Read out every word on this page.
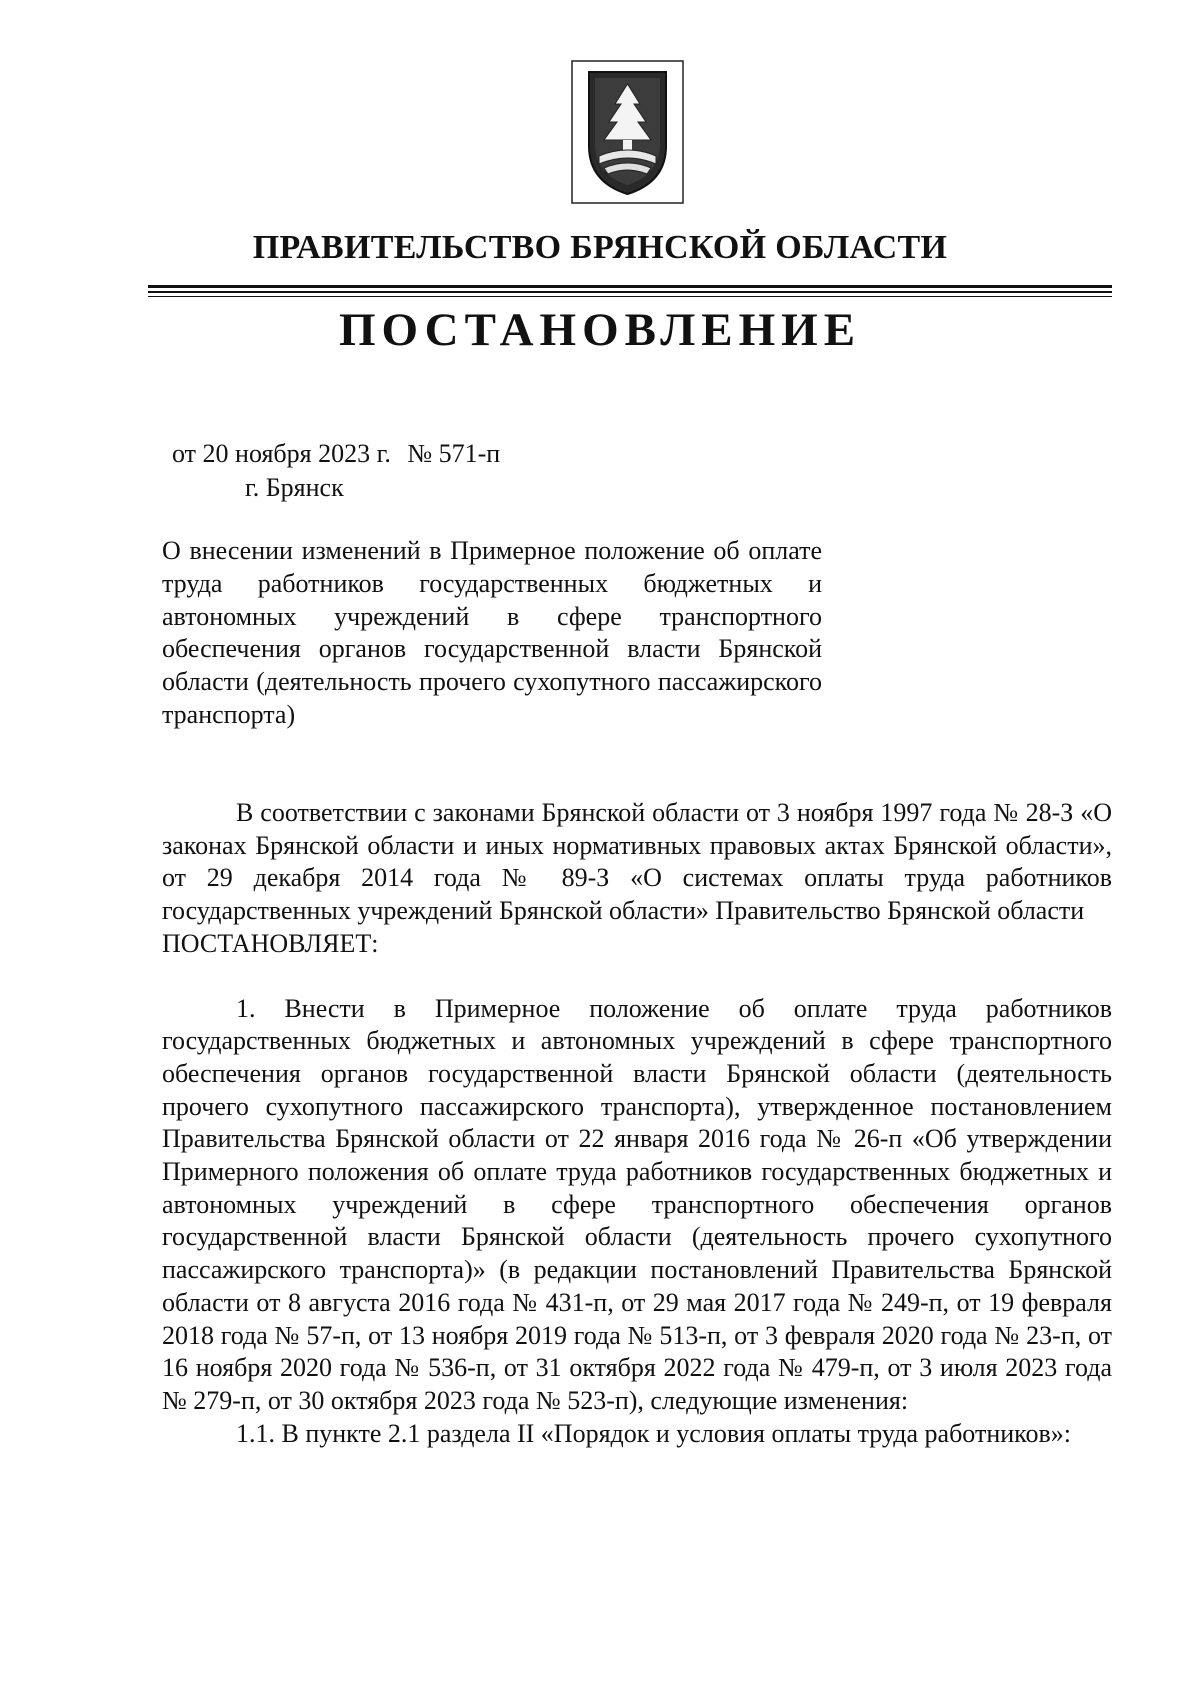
ПРАВИТЕЛЬСТВО БРЯНСКОЙ ОБЛАСТИ
ПОСТАНОВЛЕНИЕ
от 20 ноября 2023 г. № 571-п
г. Брянск
О внесении изменений в Примерное положение об оплате труда работников государственных бюджетных и автономных учреждений в сфере транспортного обеспечения органов государственной власти Брянской области (деятельность прочего сухопутного пассажирского транспорта)

В соответствии с законами Брянской области от 3 ноября 1997 года № 28-З «О законах Брянской области и иных нормативных правовых актах Брянской области», от 29 декабря 2014 года № 89-З «О системах оплаты труда работников государственных учреждений Брянской области» Правительство Брянской области

ПОСТАНОВЛЯЕТ:

1. Внести в Примерное положение об оплате труда работников государственных бюджетных и автономных учреждений в сфере транспортного обеспечения органов государственной власти Брянской области (деятельность прочего сухопутного пассажирского транспорта), утвержденное постановлением Правительства Брянской области от 22 января 2016 года № 26-п «Об утверждении Примерного положения об оплате труда работников государственных бюджетных и автономных учреждений в сфере транспортного обеспечения органов государственной власти Брянской области (деятельность прочего сухопутного пассажирского транспорта)» (в редакции постановлений Правительства Брянской области от 8 августа 2016 года № 431-п, от 29 мая 2017 года № 249-п, от 19 февраля 2018 года № 57-п, от 13 ноября 2019 года № 513-п, от 3 февраля 2020 года № 23-п, от 16 ноября 2020 года № 536-п, от 31 октября 2022 года № 479-п, от 3 июля 2023 года № 279-п, от 30 октября 2023 года № 523-п), следующие изменения:

1.1. В пункте 2.1 раздела II «Порядок и условия оплаты труда работников»:
